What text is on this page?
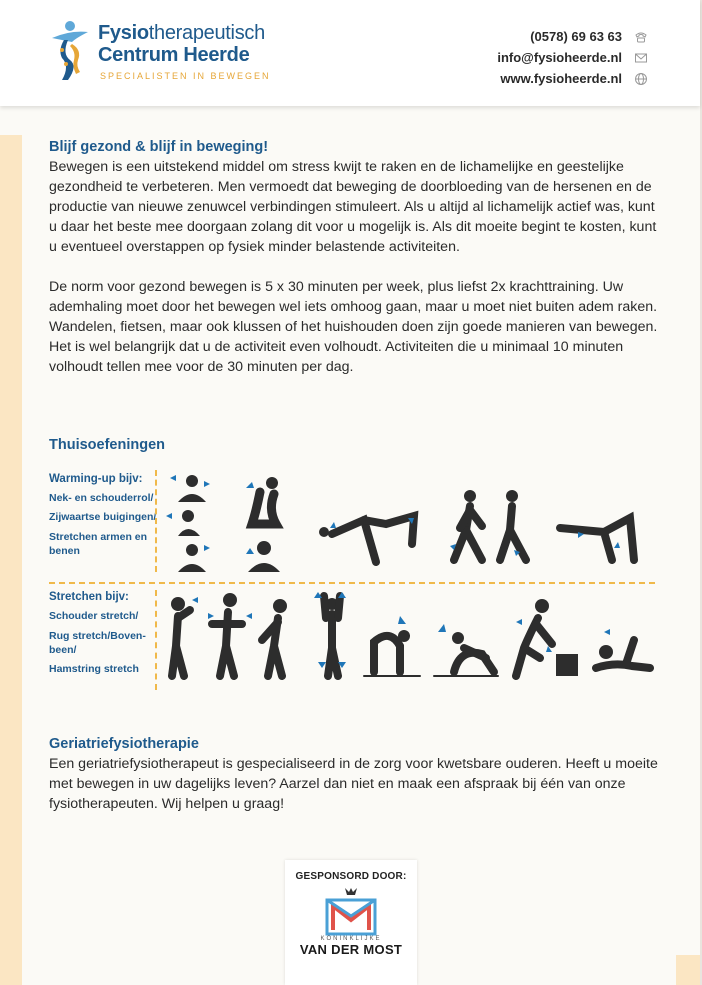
Fysiotherapeutisch
Centrum Heerde
SPECIALISTEN IN BEWEGEN
(0578) 69 63 63
info@fysioheerde.nl
www.fysioheerde.nl
Blijf gezond & blijf in beweging!

Bewegen is een uitstekend middel om stress kwijt te raken en de lichamelijke en geestelijke gezondheid te verbeteren. Men vermoedt dat beweging de doorbloeding van de hersenen en de productie van nieuwe zenuwcel verbindingen stimuleert. Als u altijd al lichamelijk actief was, kunt u daar het beste mee doorgaan zolang dit voor u mogelijk is. Als dit moeite begint te kosten, kunt u eventueel overstappen op fysiek minder belastende activiteiten.

De norm voor gezond bewegen is 5 x 30 minuten per week, plus liefst 2x krachttraining. Uw ademhaling moet door het bewegen wel iets omhoog gaan, maar u moet niet buiten adem raken. Wandelen, fietsen, maar ook klussen of het huishouden doen zijn goede manieren van bewegen.

Het is wel belangrijk dat u de activiteit even volhoudt. Activiteiten die u minimaal 10 minuten volhoudt tellen mee voor de 30 minuten per dag.

Thuisoefeningen
Warming-up bijv:
Nek- en schouderrol/
Zijwaartse buigingen/
Stretchen armen en
benen
Stretchen bijv:
Schouder stretch/
Rug stretch/Boven-
been/
Hamstring stretch
Geriatriefysiotherapie

Een geriatriefysiotherapeut is gespecialiseerd in de zorg voor kwetsbare ouderen. Heeft u moeite met bewegen in uw dagelijks leven? Aarzel dan niet en maak een afspraak bij één van onze fysiotherapeuten. Wij helpen u graag!

GESPONSORD DOOR:
KONINKLIJKE
VAN DER MOST
